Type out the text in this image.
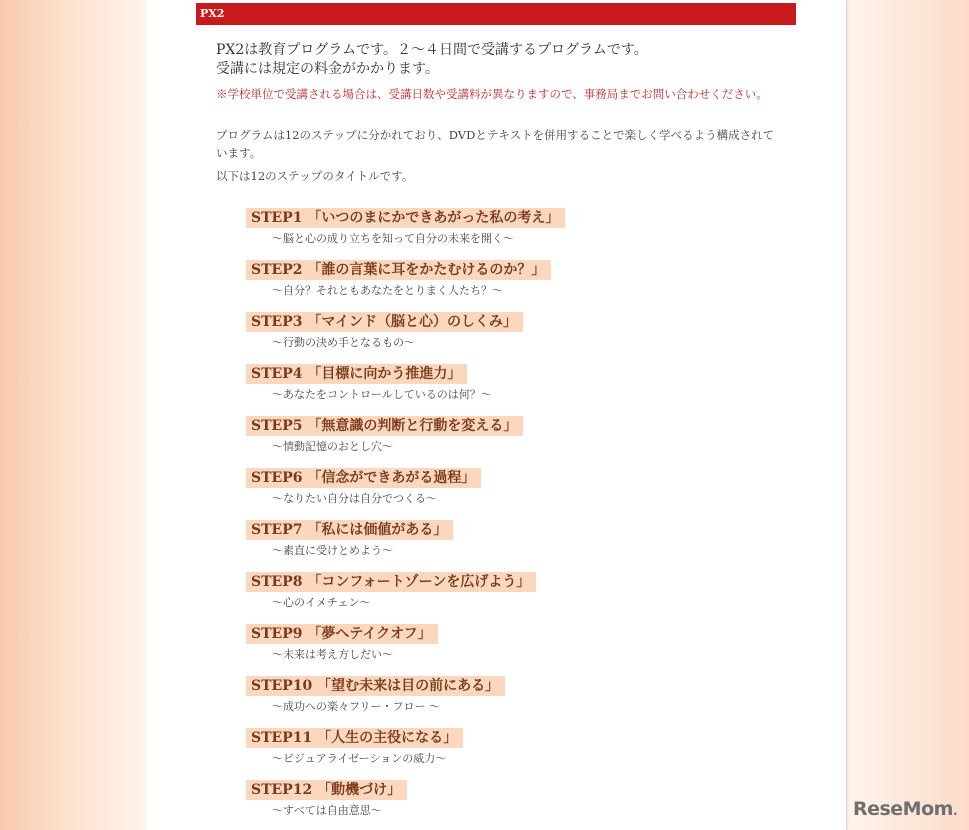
PX2
PX2は教育プログラムです。２～４日間で受講するプログラムです。
受講には規定の料金がかかります。
※学校単位で受講される場合は、受講日数や受講料が異なりますので、事務局までお問い合わせください。
プログラムは12のステップに分かれており、DVDとテキストを併用することで楽しく学べるよう構成されています。
以下は12のステップのタイトルです。
STEP1 「いつのまにかできあがった私の考え」
〜脳と心の成り立ちを知って自分の未来を開く〜
STEP2 「誰の言葉に耳をかたむけるのか？」
〜自分？それともあなたをとりまく人たち？〜
STEP3 「マインド（脳と心）のしくみ」
〜行動の決め手となるもの〜
STEP4 「目標に向かう推進力」
〜あなたをコントロールしているのは何？〜
STEP5 「無意識の判断と行動を変える」
〜情動記憶のおとし穴〜
STEP6 「信念ができあがる過程」
〜なりたい自分は自分でつくる〜
STEP7 「私には価値がある」
〜素直に受けとめよう〜
STEP8 「コンフォートゾーンを広げよう」
〜心のイメチェン〜
STEP9 「夢へテイクオフ」
〜未来は考え方しだい〜
STEP10 「望む未来は目の前にある」
〜成功への楽々フリー・フロー 〜
STEP11 「人生の主役になる」
〜ビジュアライゼーションの威力〜
STEP12 「動機づけ」
〜すべては自由意思〜	ReseMom.
